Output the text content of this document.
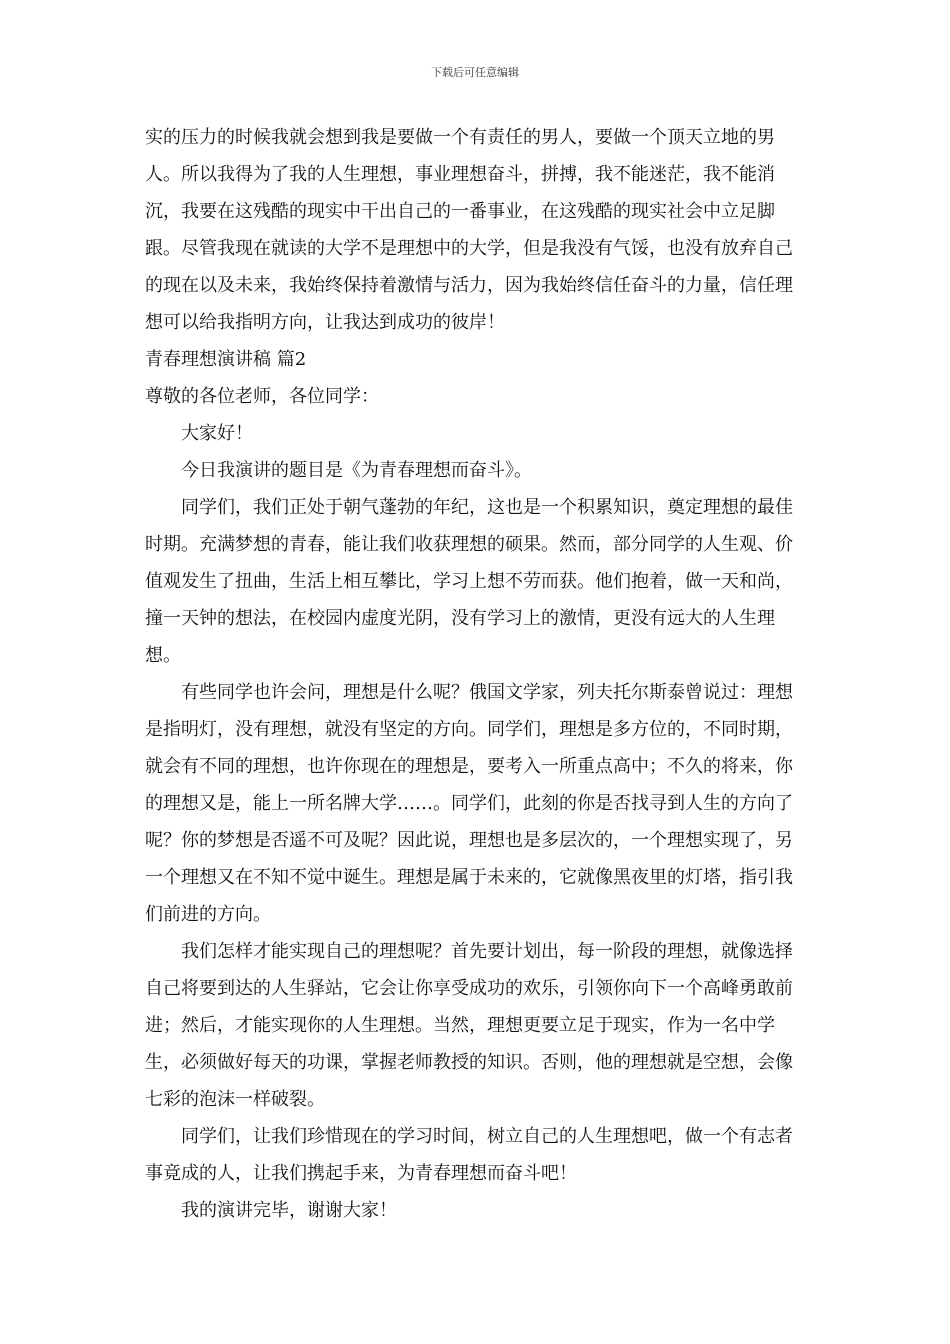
下载后可任意编辑

实的压力的时候我就会想到我是要做一个有责任的男人，要做一个顶天立地的男人。所以我得为了我的人生理想，事业理想奋斗，拼搏，我不能迷茫，我不能消沉，我要在这残酷的现实中干出自己的一番事业，在这残酷的现实社会中立足脚跟。尽管我现在就读的大学不是理想中的大学，但是我没有气馁，也没有放弃自己的现在以及未来，我始终保持着激情与活力，因为我始终信任奋斗的力量，信任理想可以给我指明方向，让我达到成功的彼岸！

青春理想演讲稿 篇2

尊敬的各位老师，各位同学：

大家好！

今日我演讲的题目是《为青春理想而奋斗》。

同学们，我们正处于朝气蓬勃的年纪，这也是一个积累知识，奠定理想的最佳时期。充满梦想的青春，能让我们收获理想的硕果。然而，部分同学的人生观、价值观发生了扭曲，生活上相互攀比，学习上想不劳而获。他们抱着，做一天和尚，撞一天钟的想法，在校园内虚度光阴，没有学习上的激情，更没有远大的人生理想。

有些同学也许会问，理想是什么呢？俄国文学家，列夫托尔斯泰曾说过：理想是指明灯，没有理想，就没有坚定的方向。同学们，理想是多方位的，不同时期，就会有不同的理想，也许你现在的理想是，要考入一所重点高中；不久的将来，你的理想又是，能上一所名牌大学……。同学们，此刻的你是否找寻到人生的方向了呢？你的梦想是否遥不可及呢？因此说，理想也是多层次的，一个理想实现了，另一个理想又在不知不觉中诞生。理想是属于未来的，它就像黑夜里的灯塔，指引我们前进的方向。

我们怎样才能实现自己的理想呢？首先要计划出，每一阶段的理想，就像选择自己将要到达的人生驿站，它会让你享受成功的欢乐，引领你向下一个高峰勇敢前进；然后，才能实现你的人生理想。当然，理想更要立足于现实，作为一名中学生，必须做好每天的功课，掌握老师教授的知识。否则，他的理想就是空想，会像七彩的泡沫一样破裂。

同学们，让我们珍惜现在的学习时间，树立自己的人生理想吧，做一个有志者事竟成的人，让我们携起手来，为青春理想而奋斗吧！

我的演讲完毕，谢谢大家！
